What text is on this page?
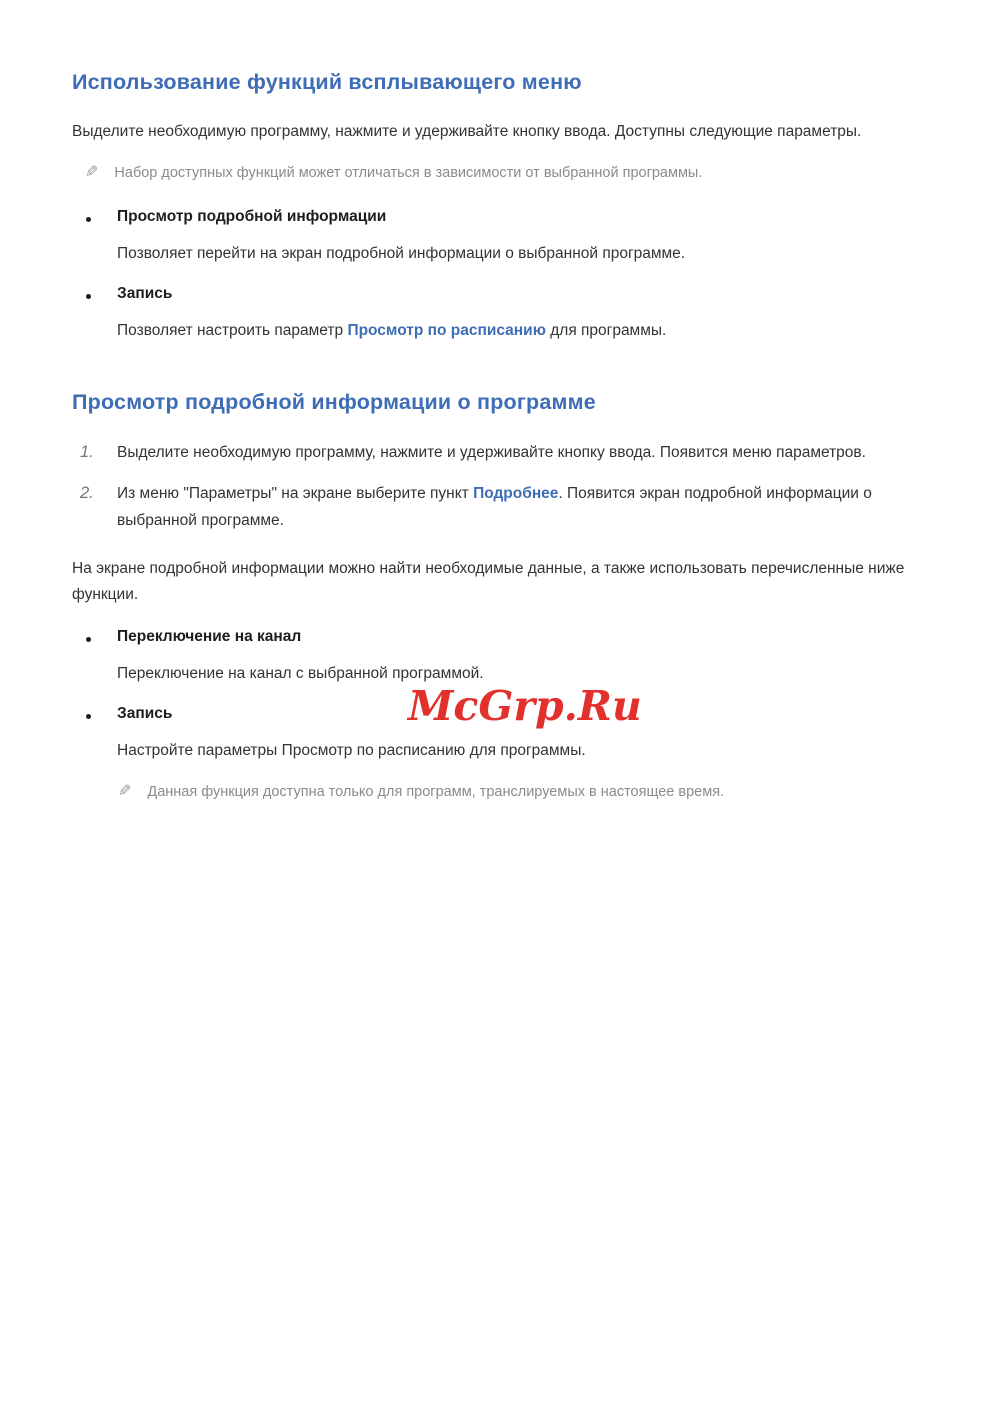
Использование функций всплывающего меню

Выделите необходимую программу, нажмите и удерживайте кнопку ввода. Доступны следующие параметры.

✎ Набор доступных функций может отличаться в зависимости от выбранной программы.

Просмотр подробной информации

Позволяет перейти на экран подробной информации о выбранной программе.

Запись

Позволяет настроить параметр Просмотр по расписанию для программы.

Просмотр подробной информации о программе
1.	Выделите необходимую программу, нажмите и удерживайте кнопку ввода. Появится меню параметров.

2.	Из меню "Параметры" на экране выберите пункт Подробнее. Появится экран подробной информации о выбранной программе.

На экране подробной информации можно найти необходимые данные, а также использовать перечисленные ниже функции.

Переключение на канал

Переключение на канал с выбранной программой.

Запись

Настройте параметры Просмотр по расписанию для программы.

✎ Данная функция доступна только для программ, транслируемых в настоящее время.
McGrp.Ru
